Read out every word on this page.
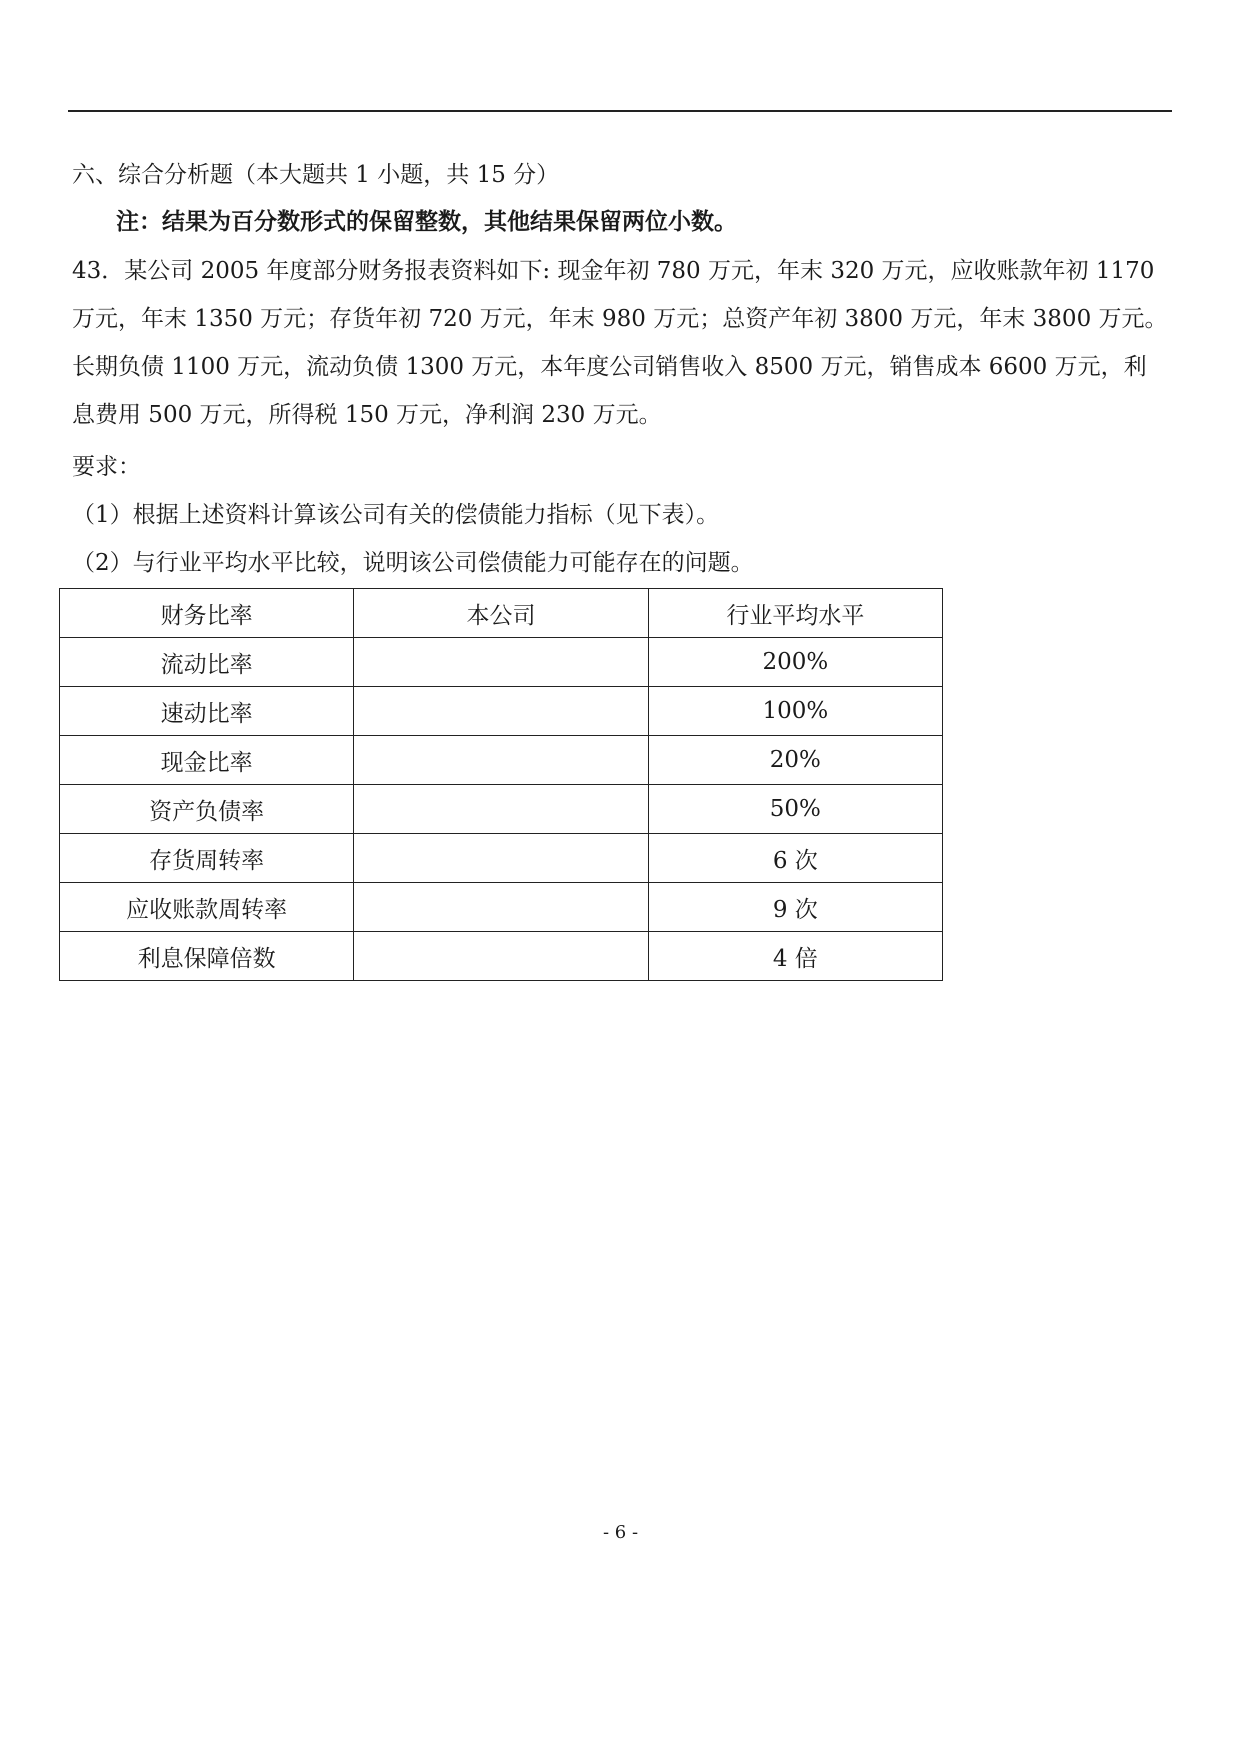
六、综合分析题（本大题共 1 小题，共 15 分）
注：结果为百分数形式的保留整数，其他结果保留两位小数。
43．某公司 2005 年度部分财务报表资料如下: 现金年初 780 万元，年末 320 万元，应收账款年初 1170
万元，年末 1350 万元；存货年初 720 万元，年末 980 万元；总资产年初 3800 万元，年末 3800 万元。
长期负债 1100 万元，流动负债 1300 万元，本年度公司销售收入 8500 万元，销售成本 6600 万元，利
息费用 500 万元，所得税 150 万元，净利润 230 万元。
要求：
（1）根据上述资料计算该公司有关的偿债能力指标（见下表）。
（2）与行业平均水平比较，说明该公司偿债能力可能存在的问题。
财务比率	本公司	行业平均水平
流动比率		200%
速动比率		100%
现金比率		20%
资产负债率		50%
存货周转率		6 次
应收账款周转率		9 次
利息保障倍数		4 倍
- 6 -
